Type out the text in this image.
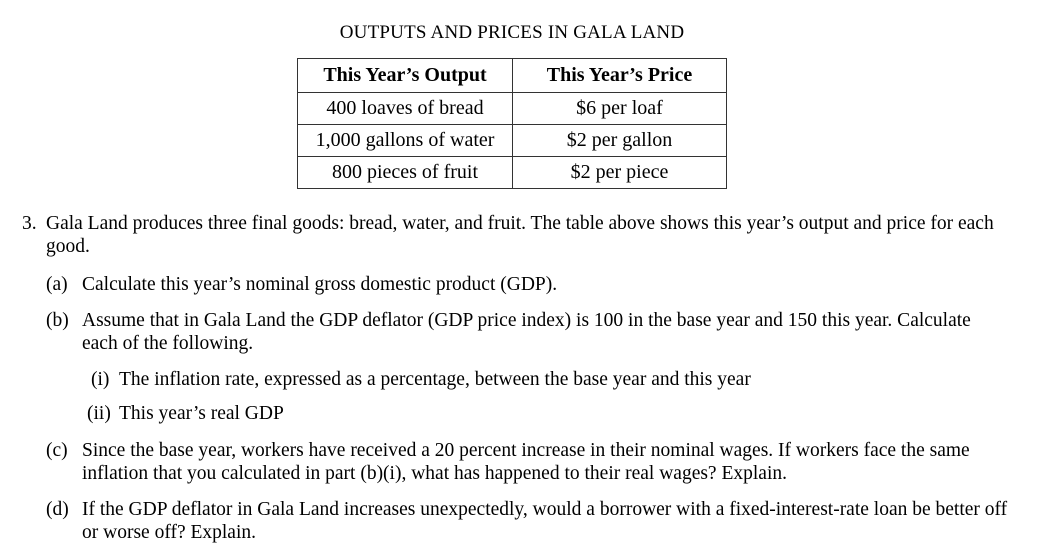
OUTPUTS AND PRICES IN GALA LAND
This Year’s Output	This Year’s Price
400 loaves of bread	$6 per loaf
1,000 gallons of water	$2 per gallon
800 pieces of fruit	$2 per piece
3. Gala Land produces three final goods: bread, water, and fruit. The table above shows this year’s output and price for each good.
(a) Calculate this year’s nominal gross domestic product (GDP).
(b) Assume that in Gala Land the GDP deflator (GDP price index) is 100 in the base year and 150 this year. Calculate each of the following.
(i) The inflation rate, expressed as a percentage, between the base year and this year
(ii) This year’s real GDP
(c) Since the base year, workers have received a 20 percent increase in their nominal wages. If workers face the same inflation that you calculated in part (b)(i), what has happened to their real wages? Explain.
(d) If the GDP deflator in Gala Land increases unexpectedly, would a borrower with a fixed-interest-rate loan be better off or worse off? Explain.
